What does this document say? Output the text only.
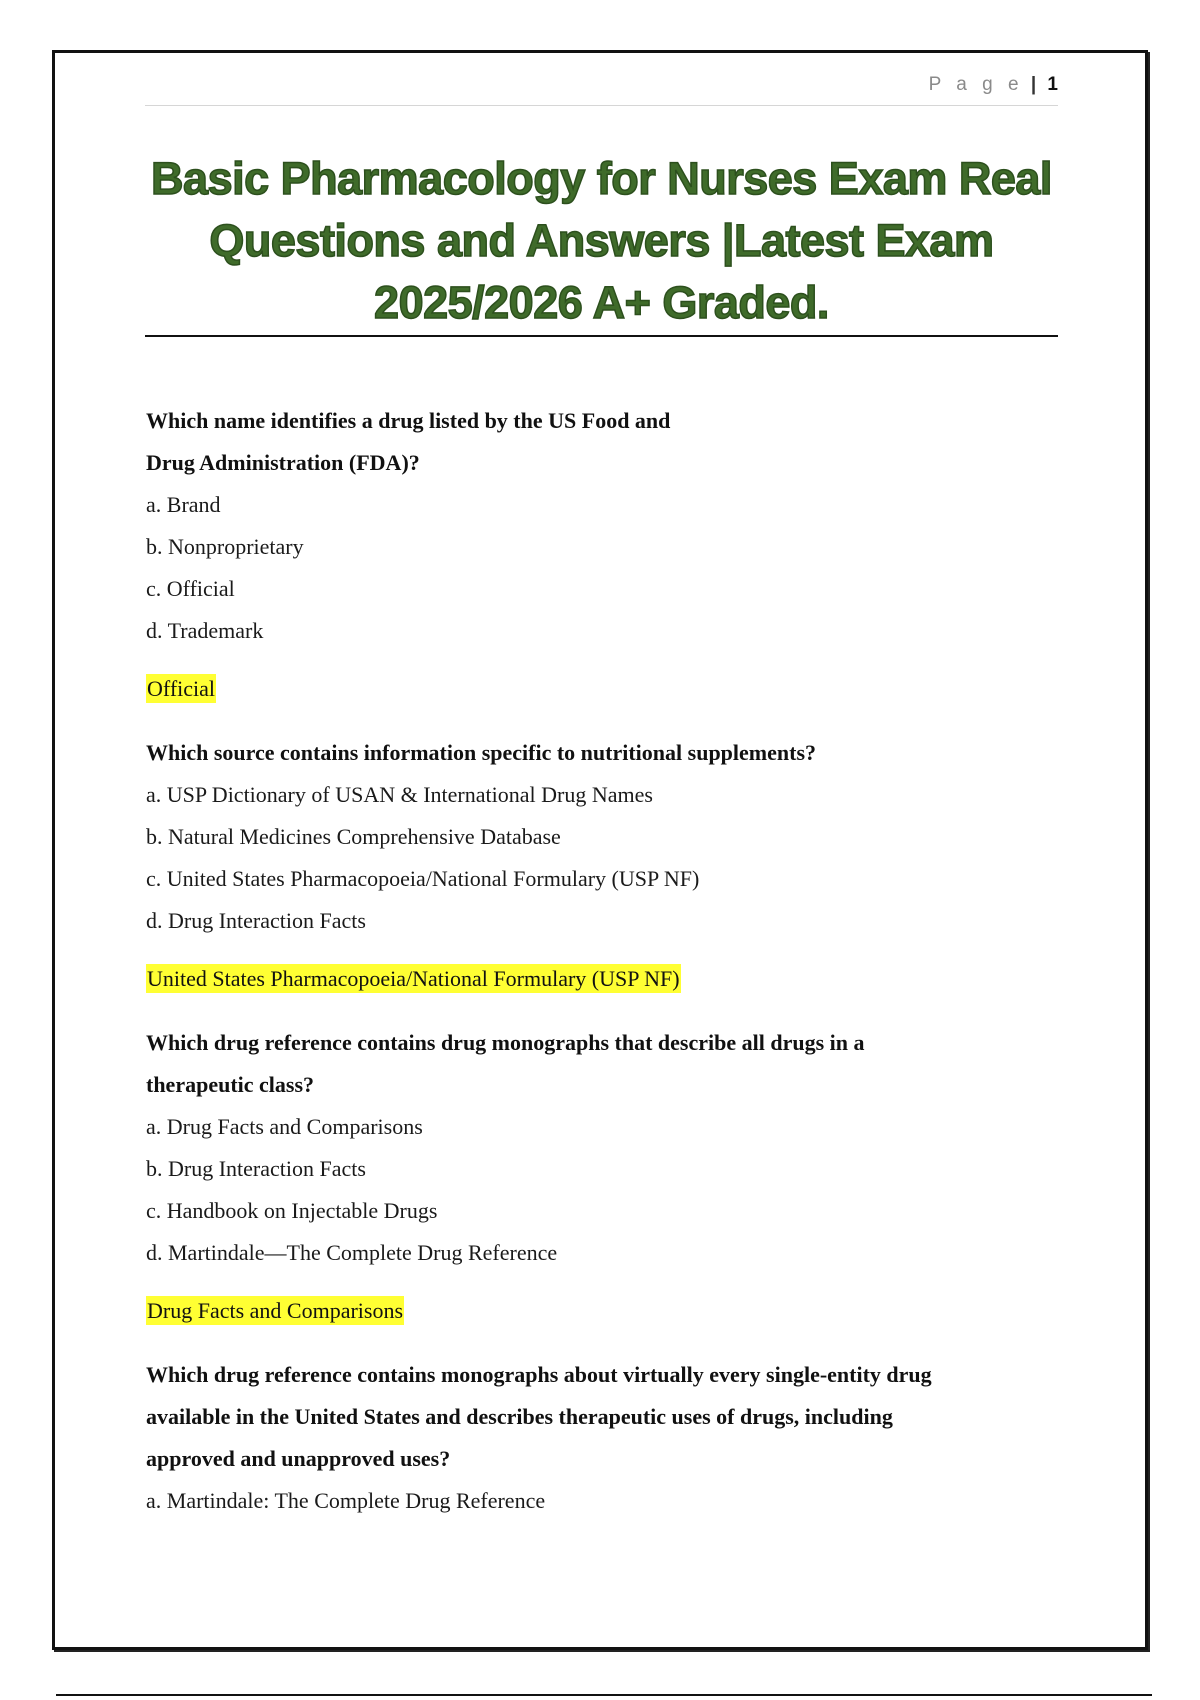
P a g e | 1
Basic Pharmacology for Nurses Exam Real Questions and Answers |Latest Exam 2025/2026 A+ Graded.

Which name identifies a drug listed by the US Food and

Drug Administration (FDA)?

a. Brand

b. Nonproprietary

c. Official

d. Trademark

Official

Which source contains information specific to nutritional supplements?

a. USP Dictionary of USAN & International Drug Names

b. Natural Medicines Comprehensive Database

c. United States Pharmacopoeia/National Formulary (USP NF)

d. Drug Interaction Facts

United States Pharmacopoeia/National Formulary (USP NF)

Which drug reference contains drug monographs that describe all drugs in a

therapeutic class?

a. Drug Facts and Comparisons

b. Drug Interaction Facts

c. Handbook on Injectable Drugs

d. Martindale—The Complete Drug Reference

Drug Facts and Comparisons

Which drug reference contains monographs about virtually every single-entity drug

available in the United States and describes therapeutic uses of drugs, including

approved and unapproved uses?

a. Martindale: The Complete Drug Reference
